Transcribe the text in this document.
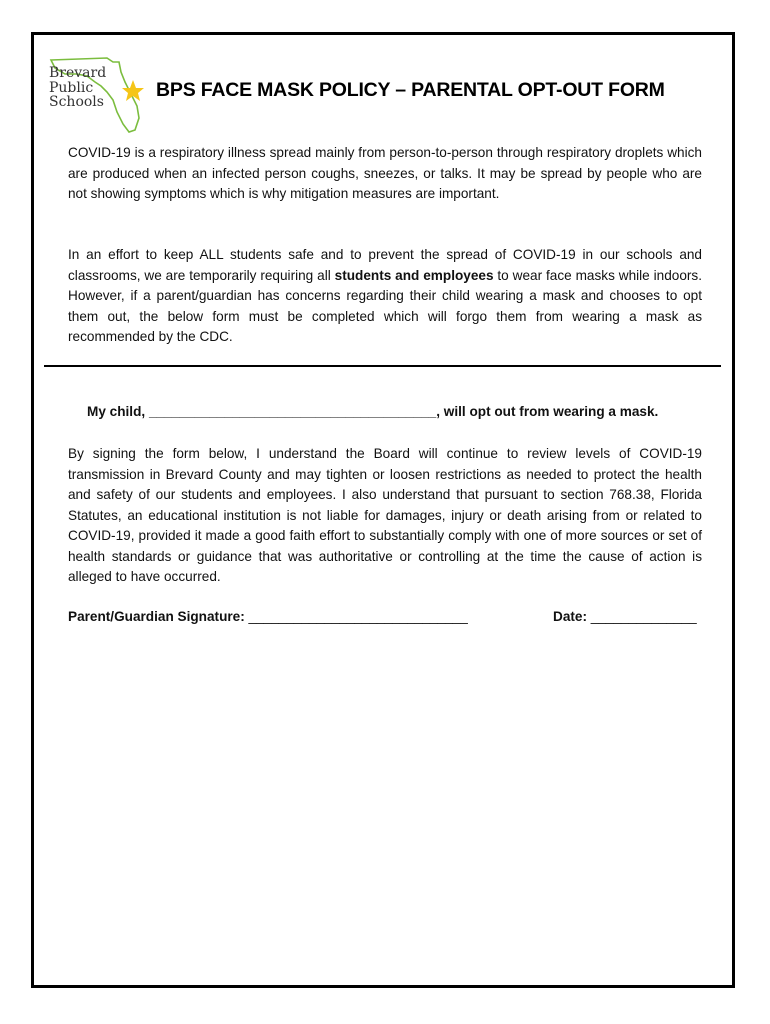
Brevard
Public
Schools
BPS FACE MASK POLICY – PARENTAL OPT-OUT FORM

COVID-19 is a respiratory illness spread mainly from person-to-person through respiratory droplets which are produced when an infected person coughs, sneezes, or talks. It may be spread by people who are not showing symptoms which is why mitigation measures are important.

In an effort to keep ALL students safe and to prevent the spread of COVID-19 in our schools and classrooms, we are temporarily requiring all students and employees to wear face masks while indoors. However, if a parent/guardian has concerns regarding their child wearing a mask and chooses to opt them out, the below form must be completed which will forgo them from wearing a mask as recommended by the CDC.

My child, ______________________________________, will opt out from wearing a mask.

By signing the form below, I understand the Board will continue to review levels of COVID-19 transmission in Brevard County and may tighten or loosen restrictions as needed to protect the health and safety of our students and employees. I also understand that pursuant to section 768.38, Florida Statutes, an educational institution is not liable for damages, injury or death arising from or related to COVID-19, provided it made a good faith effort to substantially comply with one of more sources or set of health standards or guidance that was authoritative or controlling at the time the cause of action is alleged to have occurred.

Parent/Guardian Signature: _____________________________	Date: ______________
